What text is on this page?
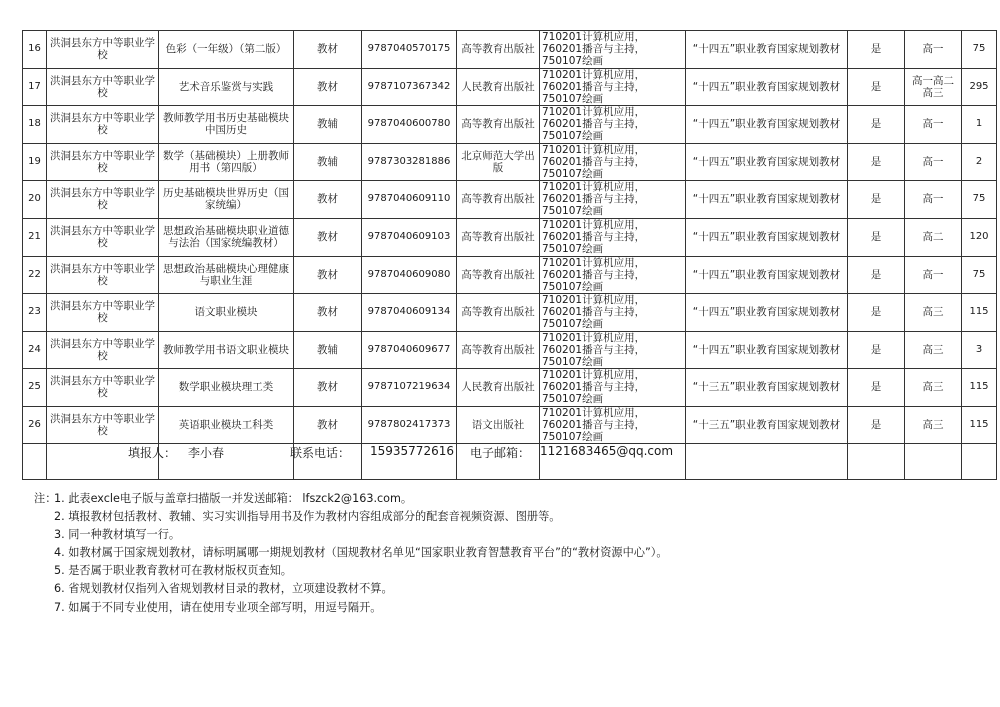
16	洪洞县东方中等职业学校	色彩（一年级）（第二版）	教材	9787040570175	高等教育出版社	710201计算机应用，760201播音与主持，750107绘画	“十四五”职业教育国家规划教材	是	高一	75
17	洪洞县东方中等职业学校	艺术音乐鉴赏与实践	教材	9787107367342	人民教育出版社	710201计算机应用，760201播音与主持，750107绘画	“十四五”职业教育国家规划教材	是	高一高二高三	295
18	洪洞县东方中等职业学校	教师教学用书历史基础模块中国历史	教辅	9787040600780	高等教育出版社	710201计算机应用，760201播音与主持，750107绘画	“十四五”职业教育国家规划教材	是	高一	1
19	洪洞县东方中等职业学校	数学（基础模块）上册教师用书（第四版）	教辅	9787303281886	北京师范大学出版	710201计算机应用，760201播音与主持，750107绘画	“十四五”职业教育国家规划教材	是	高一	2
20	洪洞县东方中等职业学校	历史基础模块世界历史（国家统编）	教材	9787040609110	高等教育出版社	710201计算机应用，760201播音与主持，750107绘画	“十四五”职业教育国家规划教材	是	高一	75
21	洪洞县东方中等职业学校	思想政治基础模块职业道德与法治（国家统编教材）	教材	9787040609103	高等教育出版社	710201计算机应用，760201播音与主持，750107绘画	“十四五”职业教育国家规划教材	是	高二	120
22	洪洞县东方中等职业学校	思想政治基础模块心理健康与职业生涯	教材	9787040609080	高等教育出版社	710201计算机应用，760201播音与主持，750107绘画	“十四五”职业教育国家规划教材	是	高一	75
23	洪洞县东方中等职业学校	语文职业模块	教材	9787040609134	高等教育出版社	710201计算机应用，760201播音与主持，750107绘画	“十四五”职业教育国家规划教材	是	高三	115
24	洪洞县东方中等职业学校	教师教学用书语文职业模块	教辅	9787040609677	高等教育出版社	710201计算机应用，760201播音与主持，750107绘画	“十四五”职业教育国家规划教材	是	高三	3
25	洪洞县东方中等职业学校	数学职业模块理工类	教材	9787107219634	人民教育出版社	710201计算机应用，760201播音与主持，750107绘画	“十三五”职业教育国家规划教材	是	高三	115
26	洪洞县东方中等职业学校	英语职业模块工科类	教材	9787802417373	语文出版社	710201计算机应用，760201播音与主持，750107绘画	“十三五”职业教育国家规划教材	是	高三	115

填报人： 李小春	联系电话： 15935772616 电子邮箱： 1121683465@qq.com
注：
1. 此表excle电子版与盖章扫描版一并发送邮箱： lfszck2@163.com。
2. 填报教材包括教材、教辅、实习实训指导用书及作为教材内容组成部分的配套音视频资源、图册等。
3. 同一种教材填写一行。
4. 如教材属于国家规划教材，请标明属哪一期规划教材（国规教材名单见“国家职业教育智慧教育平台”的“教材资源中心”）。
5. 是否属于职业教育教材可在教材版权页查知。
6. 省规划教材仅指列入省规划教材目录的教材，立项建设教材不算。
7. 如属于不同专业使用，请在使用专业项全部写明，用逗号隔开。
